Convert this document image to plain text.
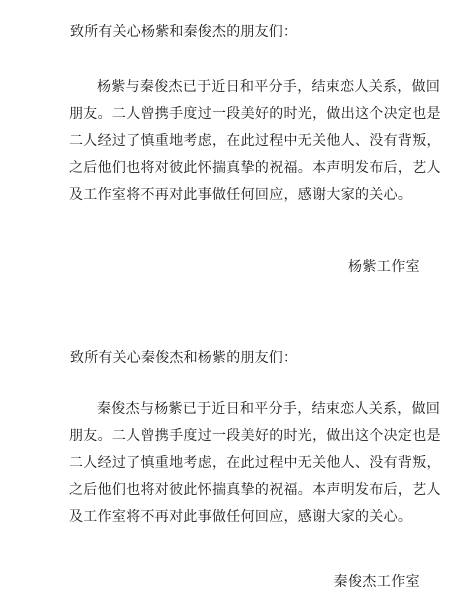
致所有关心杨紫和秦俊杰的朋友们：
杨紫与秦俊杰已于近日和平分手，结束恋人关系，做回
朋友。二人曾携手度过一段美好的时光，做出这个决定也是
二人经过了慎重地考虑，在此过程中无关他人、没有背叛，
之后他们也将对彼此怀揣真挚的祝福。本声明发布后，艺人
及工作室将不再对此事做任何回应，感谢大家的关心。
杨紫工作室
致所有关心秦俊杰和杨紫的朋友们：
秦俊杰与杨紫已于近日和平分手，结束恋人关系，做回
朋友。二人曾携手度过一段美好的时光，做出这个决定也是
二人经过了慎重地考虑，在此过程中无关他人、没有背叛，
之后他们也将对彼此怀揣真挚的祝福。本声明发布后，艺人
及工作室将不再对此事做任何回应，感谢大家的关心。
秦俊杰工作室
